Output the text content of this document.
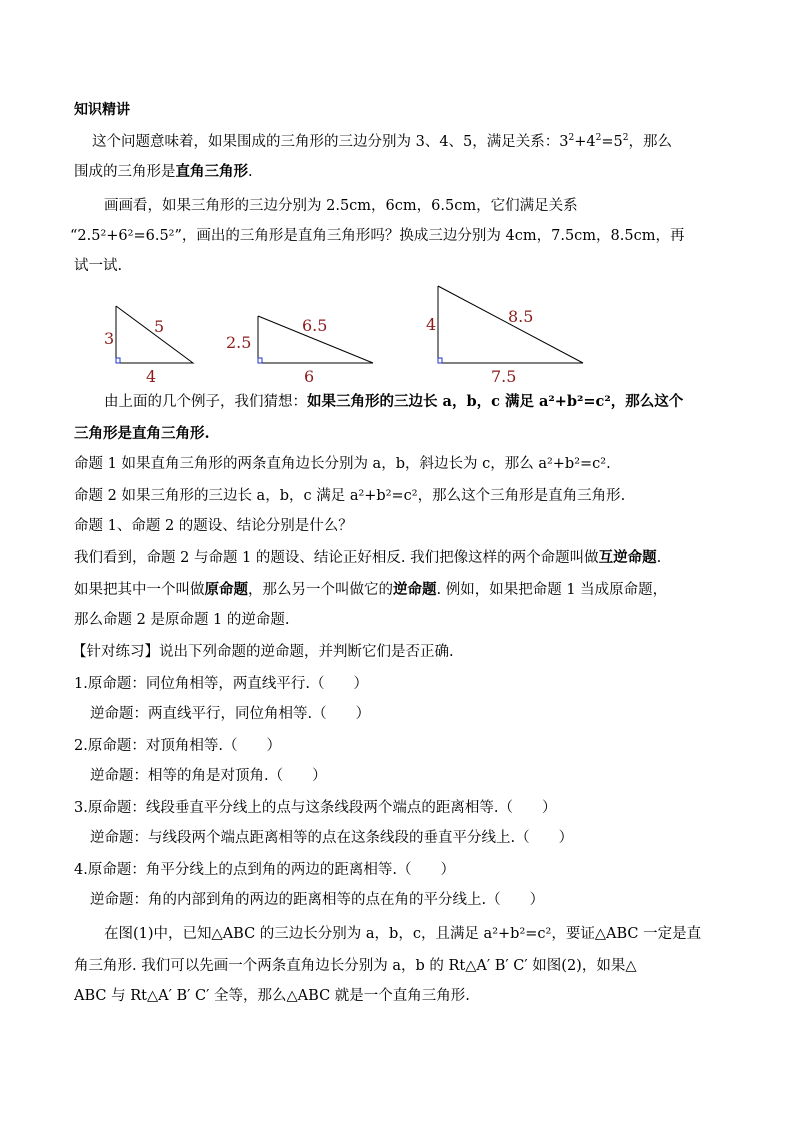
知识精讲
这个问题意味着，如果围成的三角形的三边分别为 3、4、5，满足关系：$3^2+4^2=5^2$，那么
围成的三角形是直角三角形.
画画看，如果三角形的三边分别为 2.5cm，6cm，6.5cm，它们满足关系
“2.5²+6²=6.5²”，画出的三角形是直角三角形吗？换成三边分别为 4cm，7.5cm，8.5cm，再
试一试.
3
5
4
2.5
6.5
6
4	8.5
7.5
由上面的几个例子，我们猜想：如果三角形的三边长 a，b，c 满足 a²+b²=c²，那么这个
三角形是直角三角形.
命题 1 如果直角三角形的两条直角边长分别为 a，b，斜边长为 c，那么 a²+b²=c².
命题 2 如果三角形的三边长 a，b，c 满足 a²+b²=c²，那么这个三角形是直角三角形.
命题 1、命题 2 的题设、结论分别是什么？
我们看到，命题 2 与命题 1 的题设、结论正好相反. 我们把像这样的两个命题叫做互逆命题.
如果把其中一个叫做原命题，那么另一个叫做它的逆命题. 例如，如果把命题 1 当成原命题，
那么命题 2 是原命题 1 的逆命题.
【针对练习】说出下列命题的逆命题，并判断它们是否正确.
1.原命题：同位角相等，两直线平行.（　　）
逆命题：两直线平行，同位角相等.（　　）
2.原命题：对顶角相等.（　　）
逆命题：相等的角是对顶角.（　　）
3.原命题：线段垂直平分线上的点与这条线段两个端点的距离相等.（　　）
逆命题：与线段两个端点距离相等的点在这条线段的垂直平分线上.（　　）
4.原命题：角平分线上的点到角的两边的距离相等.（　　）
逆命题：角的内部到角的两边的距离相等的点在角的平分线上.（　　）
在图(1)中，已知△ABC 的三边长分别为 a，b，c，且满足 a²+b²=c²，要证△ABC 一定是直
角三角形. 我们可以先画一个两条直角边长分别为 a，b 的 Rt△A′ B′ C′ 如图(2)，如果△
ABC 与 Rt△A′ B′ C′ 全等，那么△ABC 就是一个直角三角形.
